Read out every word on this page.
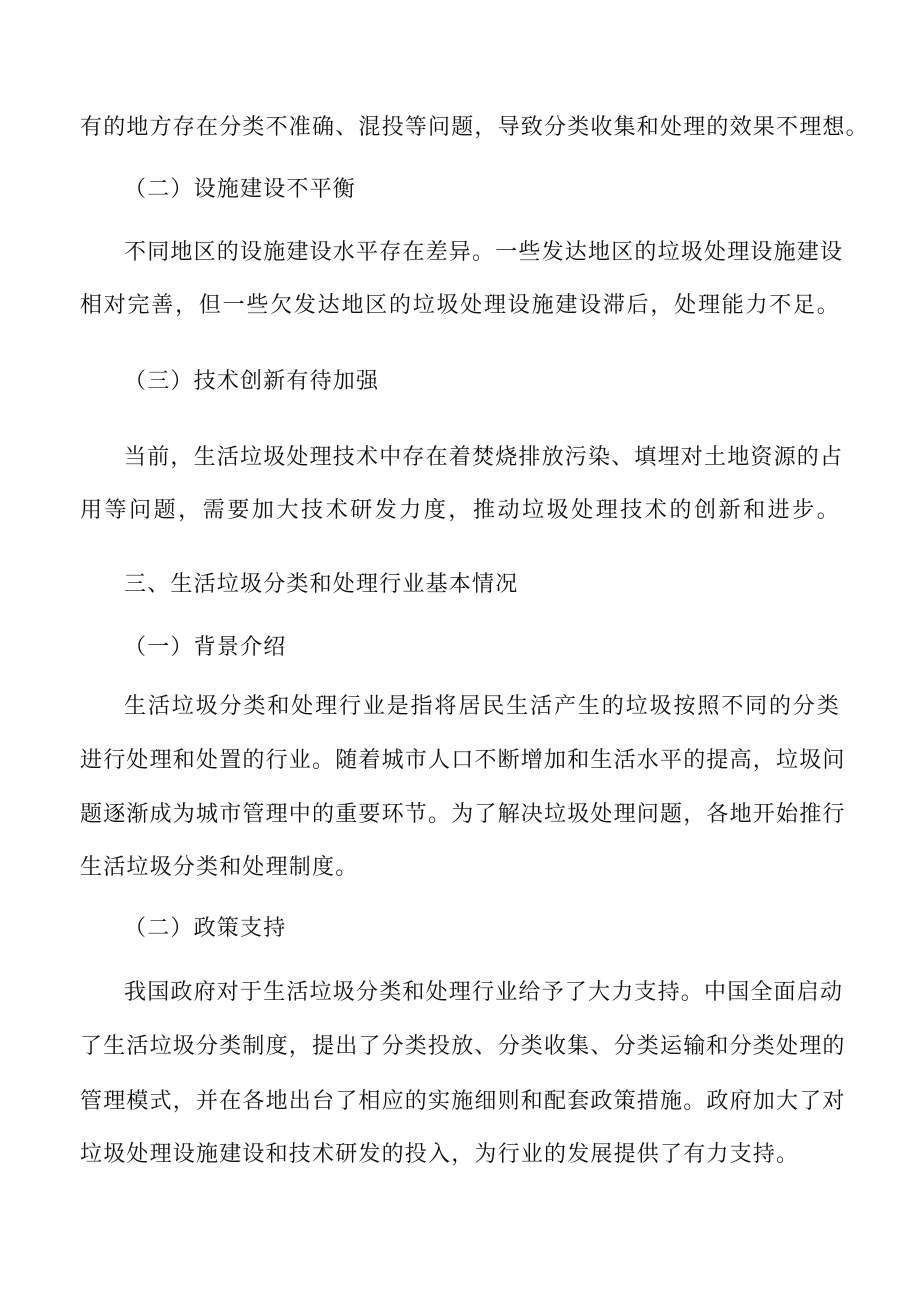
有的地方存在分类不准确、混投等问题，导致分类收集和处理的效果不理想。
（二）设施建设不平衡
不同地区的设施建设水平存在差异。一些发达地区的垃圾处理设施建设
相对完善，但一些欠发达地区的垃圾处理设施建设滞后，处理能力不足。
（三）技术创新有待加强
当前，生活垃圾处理技术中存在着焚烧排放污染、填埋对土地资源的占
用等问题，需要加大技术研发力度，推动垃圾处理技术的创新和进步。
三、生活垃圾分类和处理行业基本情况
（一）背景介绍
生活垃圾分类和处理行业是指将居民生活产生的垃圾按照不同的分类
进行处理和处置的行业。随着城市人口不断增加和生活水平的提高，垃圾问
题逐渐成为城市管理中的重要环节。为了解决垃圾处理问题，各地开始推行
生活垃圾分类和处理制度。
（二）政策支持
我国政府对于生活垃圾分类和处理行业给予了大力支持。中国全面启动
了生活垃圾分类制度，提出了分类投放、分类收集、分类运输和分类处理的
管理模式，并在各地出台了相应的实施细则和配套政策措施。政府加大了对
垃圾处理设施建设和技术研发的投入，为行业的发展提供了有力支持。
